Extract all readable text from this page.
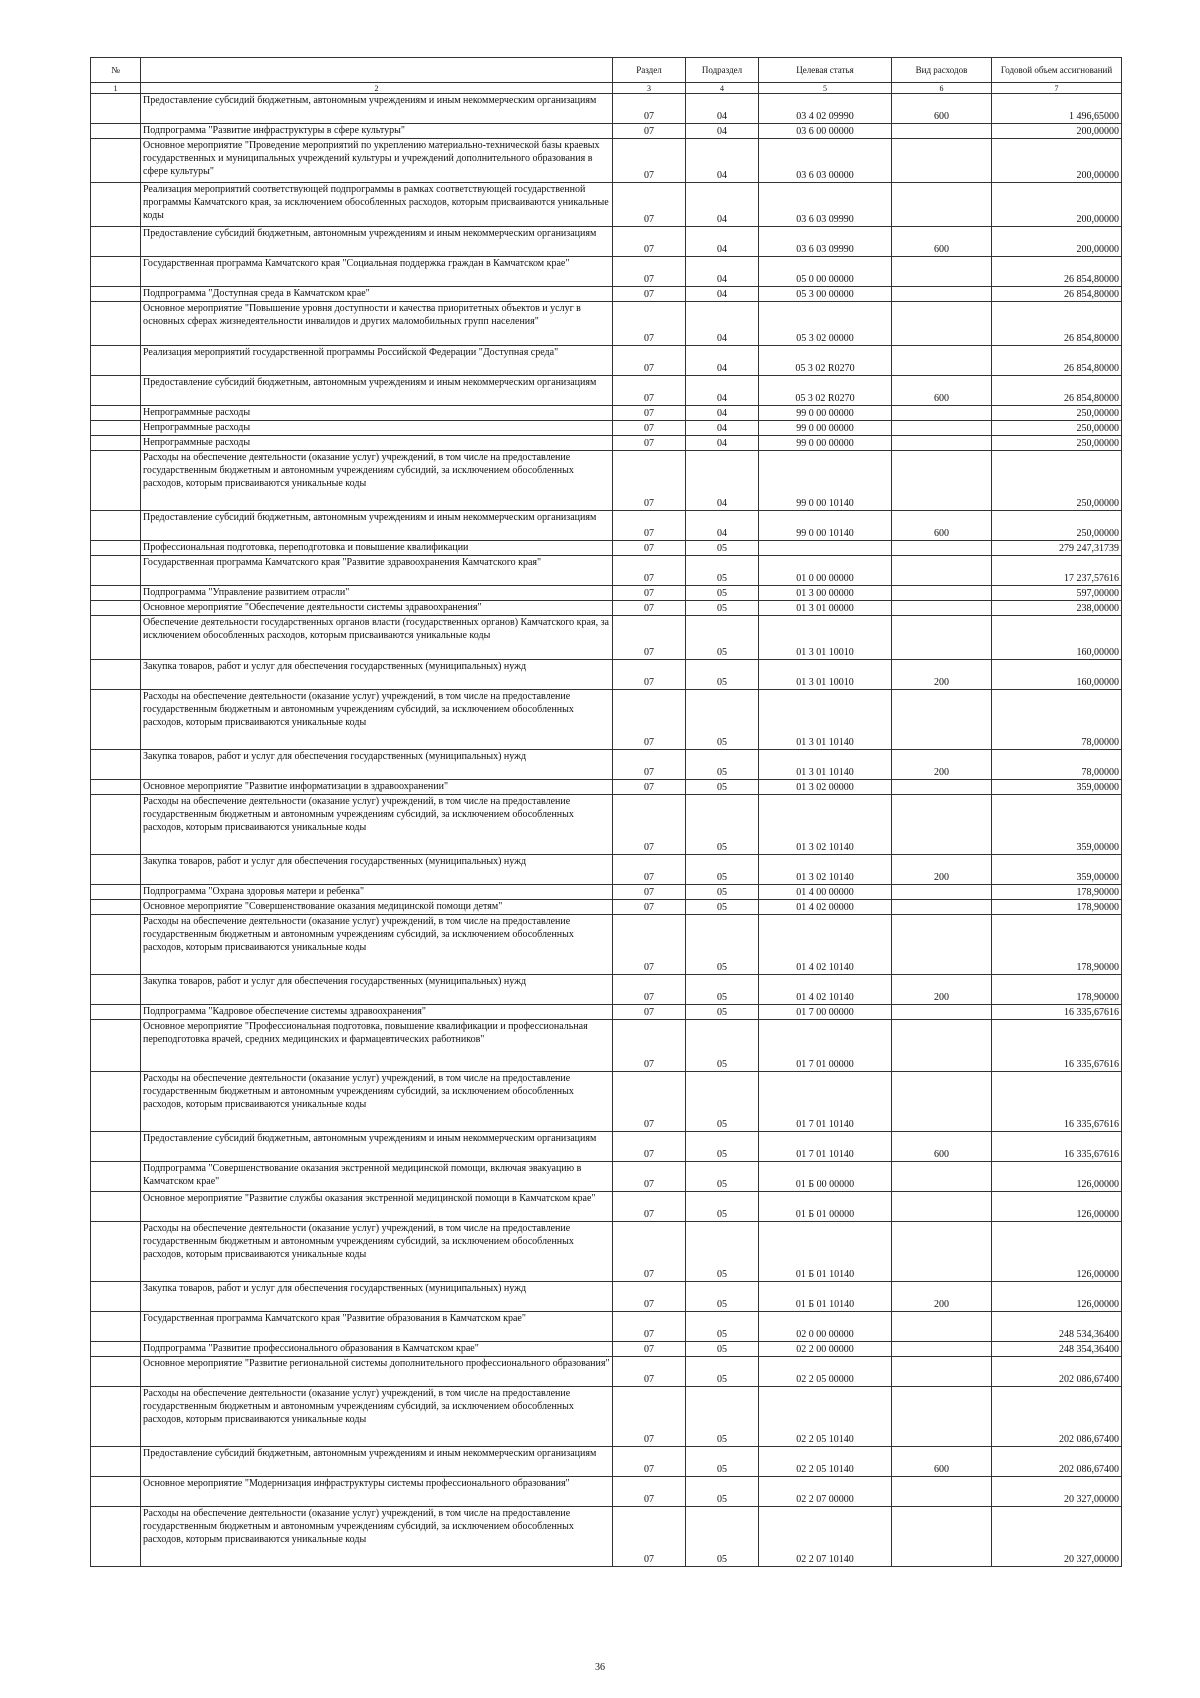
№		Раздел	Подраздел	Целевая статья	Вид расходов	Годовой объем ассигнований
1	2	3	4	5	6	7
	Предоставление субсидий бюджетным, автономным учреждениям и иным некоммерческим организациям	07	04	03 4 02 09990	600	1 496,65000
	Подпрограмма "Развитие инфраструктуры в сфере культуры"	07	04	03 6 00 00000		200,00000
	Основное мероприятие "Проведение мероприятий по укреплению материально-технической базы краевых государственных и муниципальных учреждений культуры и учреждений дополнительного образования в сфере культуры"	07	04	03 6 03 00000		200,00000
	Реализация мероприятий соответствующей подпрограммы в рамках соответствующей государственной программы Камчатского края, за исключением обособленных расходов, которым присваиваются уникальные коды	07	04	03 6 03 09990		200,00000
	Предоставление субсидий бюджетным, автономным учреждениям и иным некоммерческим организациям	07	04	03 6 03 09990	600	200,00000
	Государственная программа Камчатского края "Социальная поддержка граждан в Камчатском крае"	07	04	05 0 00 00000		26 854,80000
	Подпрограмма "Доступная среда в Камчатском крае"	07	04	05 3 00 00000		26 854,80000
	Основное мероприятие "Повышение уровня доступности и качества приоритетных объектов и услуг в основных сферах жизнедеятельности инвалидов и других маломобильных групп населения"	07	04	05 3 02 00000		26 854,80000
	Реализация мероприятий государственной программы Российской Федерации "Доступная среда"	07	04	05 3 02 R0270		26 854,80000
	Предоставление субсидий бюджетным, автономным учреждениям и иным некоммерческим организациям	07	04	05 3 02 R0270	600	26 854,80000
	Непрограммные расходы	07	04	99 0 00 00000		250,00000
	Непрограммные расходы	07	04	99 0 00 00000		250,00000
	Непрограммные расходы	07	04	99 0 00 00000		250,00000
	Расходы на обеспечение деятельности (оказание услуг) учреждений, в том числе на предоставление государственным бюджетным и автономным учреждениям субсидий, за исключением обособленных расходов, которым присваиваются уникальные коды	07	04	99 0 00 10140		250,00000
	Предоставление субсидий бюджетным, автономным учреждениям и иным некоммерческим организациям	07	04	99 0 00 10140	600	250,00000
	Профессиональная подготовка, переподготовка и повышение квалификации	07	05			279 247,31739
	Государственная программа Камчатского края "Развитие здравоохранения Камчатского края"	07	05	01 0 00 00000		17 237,57616
	Подпрограмма "Управление развитием отрасли"	07	05	01 3 00 00000		597,00000
	Основное мероприятие "Обеспечение деятельности системы здравоохранения"	07	05	01 3 01 00000		238,00000
	Обеспечение деятельности государственных органов власти (государственных органов) Камчатского края, за исключением обособленных расходов, которым присваиваются уникальные коды	07	05	01 3 01 10010		160,00000
	Закупка товаров, работ и услуг для обеспечения государственных (муниципальных) нужд	07	05	01 3 01 10010	200	160,00000
	Расходы на обеспечение деятельности (оказание услуг) учреждений, в том числе на предоставление государственным бюджетным и автономным учреждениям субсидий, за исключением обособленных расходов, которым присваиваются уникальные коды	07	05	01 3 01 10140		78,00000
	Закупка товаров, работ и услуг для обеспечения государственных (муниципальных) нужд	07	05	01 3 01 10140	200	78,00000
	Основное мероприятие "Развитие информатизации в здравоохранении"	07	05	01 3 02 00000		359,00000
	Расходы на обеспечение деятельности (оказание услуг) учреждений, в том числе на предоставление государственным бюджетным и автономным учреждениям субсидий, за исключением обособленных расходов, которым присваиваются уникальные коды	07	05	01 3 02 10140		359,00000
	Закупка товаров, работ и услуг для обеспечения государственных (муниципальных) нужд	07	05	01 3 02 10140	200	359,00000
	Подпрограмма "Охрана здоровья матери и ребенка"	07	05	01 4 00 00000		178,90000
	Основное мероприятие "Совершенствование оказания медицинской помощи детям"	07	05	01 4 02 00000		178,90000
	Расходы на обеспечение деятельности (оказание услуг) учреждений, в том числе на предоставление государственным бюджетным и автономным учреждениям субсидий, за исключением обособленных расходов, которым присваиваются уникальные коды	07	05	01 4 02 10140		178,90000
	Закупка товаров, работ и услуг для обеспечения государственных (муниципальных) нужд	07	05	01 4 02 10140	200	178,90000
	Подпрограмма "Кадровое обеспечение системы здравоохранения"	07	05	01 7 00 00000		16 335,67616
	Основное мероприятие "Профессиональная подготовка, повышение квалификации и профессиональная переподготовка врачей, средних медицинских и фармацевтических работников"	07	05	01 7 01 00000		16 335,67616
	Расходы на обеспечение деятельности (оказание услуг) учреждений, в том числе на предоставление государственным бюджетным и автономным учреждениям субсидий, за исключением обособленных расходов, которым присваиваются уникальные коды	07	05	01 7 01 10140		16 335,67616
	Предоставление субсидий бюджетным, автономным учреждениям и иным некоммерческим организациям	07	05	01 7 01 10140	600	16 335,67616
	Подпрограмма "Совершенствование оказания экстренной медицинской помощи, включая эвакуацию в Камчатском крае"	07	05	01 Б 00 00000		126,00000
	Основное мероприятие "Развитие службы оказания экстренной медицинской помощи в Камчатском крае"	07	05	01 Б 01 00000		126,00000
	Расходы на обеспечение деятельности (оказание услуг) учреждений, в том числе на предоставление государственным бюджетным и автономным учреждениям субсидий, за исключением обособленных расходов, которым присваиваются уникальные коды	07	05	01 Б 01 10140		126,00000
	Закупка товаров, работ и услуг для обеспечения государственных (муниципальных) нужд	07	05	01 Б 01 10140	200	126,00000
	Государственная программа Камчатского края "Развитие образования в Камчатском крае"	07	05	02 0 00 00000		248 534,36400
	Подпрограмма "Развитие профессионального образования в Камчатском крае"	07	05	02 2 00 00000		248 354,36400
	Основное мероприятие "Развитие региональной системы дополнительного профессионального образования"	07	05	02 2 05 00000		202 086,67400
	Расходы на обеспечение деятельности (оказание услуг) учреждений, в том числе на предоставление государственным бюджетным и автономным учреждениям субсидий, за исключением обособленных расходов, которым присваиваются уникальные коды	07	05	02 2 05 10140		202 086,67400
	Предоставление субсидий бюджетным, автономным учреждениям и иным некоммерческим организациям	07	05	02 2 05 10140	600	202 086,67400
	Основное мероприятие "Модернизация инфраструктуры системы профессионального образования"	07	05	02 2 07 00000		20 327,00000
	Расходы на обеспечение деятельности (оказание услуг) учреждений, в том числе на предоставление государственным бюджетным и автономным учреждениям субсидий, за исключением обособленных расходов, которым присваиваются уникальные коды	07	05	02 2 07 10140		20 327,00000
36
